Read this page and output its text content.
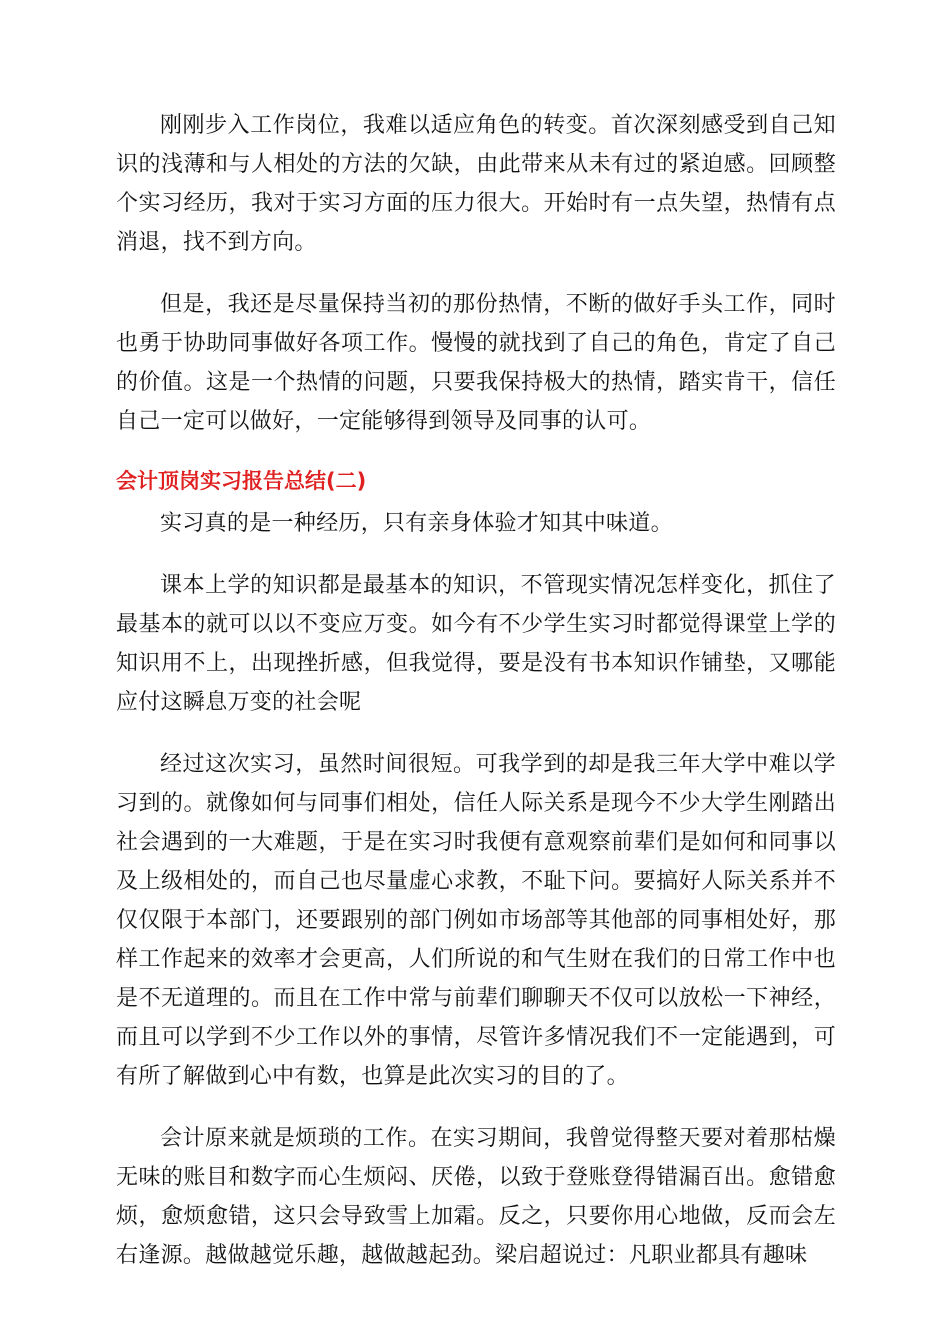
刚刚步入工作岗位，我难以适应角色的转变。首次深刻感受到自己知识的浅薄和与人相处的方法的欠缺，由此带来从未有过的紧迫感。回顾整个实习经历，我对于实习方面的压力很大。开始时有一点失望，热情有点消退，找不到方向。

但是，我还是尽量保持当初的那份热情，不断的做好手头工作，同时也勇于协助同事做好各项工作。慢慢的就找到了自己的角色，肯定了自己的价值。这是一个热情的问题，只要我保持极大的热情，踏实肯干，信任自己一定可以做好，一定能够得到领导及同事的认可。

会计顶岗实习报告总结(二)

实习真的是一种经历，只有亲身体验才知其中味道。

课本上学的知识都是最基本的知识，不管现实情况怎样变化，抓住了最基本的就可以以不变应万变。如今有不少学生实习时都觉得课堂上学的知识用不上，出现挫折感，但我觉得，要是没有书本知识作铺垫，又哪能应付这瞬息万变的社会呢

经过这次实习，虽然时间很短。可我学到的却是我三年大学中难以学习到的。就像如何与同事们相处，信任人际关系是现今不少大学生刚踏出社会遇到的一大难题，于是在实习时我便有意观察前辈们是如何和同事以及上级相处的，而自己也尽量虚心求教，不耻下问。要搞好人际关系并不仅仅限于本部门，还要跟别的部门例如市场部等其他部的同事相处好，那样工作起来的效率才会更高，人们所说的和气生财在我们的日常工作中也是不无道理的。而且在工作中常与前辈们聊聊天不仅可以放松一下神经，而且可以学到不少工作以外的事情，尽管许多情况我们不一定能遇到，可有所了解做到心中有数，也算是此次实习的目的了。

会计原来就是烦琐的工作。在实习期间，我曾觉得整天要对着那枯燥无味的账目和数字而心生烦闷、厌倦，以致于登账登得错漏百出。愈错愈烦，愈烦愈错，这只会导致雪上加霜。反之，只要你用心地做，反而会左右逢源。越做越觉乐趣，越做越起劲。梁启超说过：凡职业都具有趣味
